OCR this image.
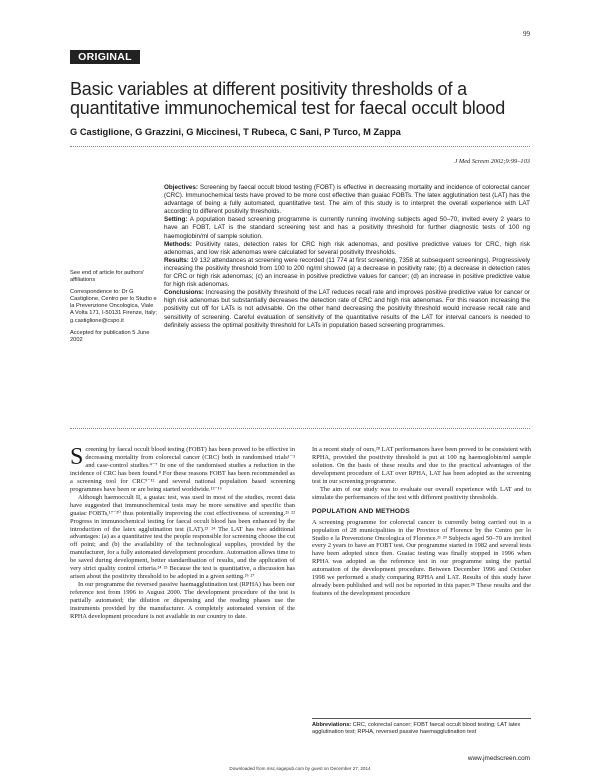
99
ORIGINAL PAPER
Basic variables at different positivity thresholds of a quantitative immunochemical test for faecal occult blood
G Castiglione, G Grazzini, G Miccinesi, T Rubeca, C Sani, P Turco, M Zappa
J Med Screen 2002;9:99–103

Objectives: Screening by faecal occult blood testing (FOBT) is effective in decreasing mortality and incidence of colorectal cancer (CRC). Immunochemical tests have proved to be more cost effective than guaiac FOBTs. The latex agglutination test (LAT) has the advantage of being a fully automated, quantitative test. The aim of this study is to interpret the overall experience with LAT according to different positivity thresholds.

Setting: A population based screening programme is currently running involving subjects aged 50–70, invited every 2 years to have an FOBT. LAT is the standard screening test and has a positivity threshold for further diagnostic tests of 100 ng haemoglobin/ml of sample solution.

Methods: Positivity rates, detection rates for CRC high risk adenomas, and positive predictive values for CRC, high risk adenomas, and low risk adenomas were calculated for several positivity thresholds.

Results: 19 132 attendances at screening were recorded (11 774 at first screening, 7358 at subsequent screenings). Progressively increasing the positivity threshold from 100 to 200 ng/ml showed (a) a decrease in positivity rate; (b) a decrease in detection rates for CRC or high risk adenomas; (c) an increase in positive predictive values for cancer; (d) an increase in positive predictive value for high risk adenomas.

Conclusions: Increasing the positivity threshold of the LAT reduces recall rate and improves positive predictive value for cancer or high risk adenomas but substantially decreases the detection rate of CRC and high risk adenomas. For this reason increasing the positivity cut off for LATs is not advisable. On the other hand decreasing the positivity threshold would increase recall rate and sensitivity of screening. Careful evaluation of sensitivity of the quantitative results of the LAT for interval cancers is needed to definitely assess the optimal positivity threshold for LATs in population based screening programmes.

See end of article for authors' affiliations

Correspondence to: Dr G Castiglione, Centro per lo Studio e la Prevenzione Oncologica, Viale A Volta 171, I-50131 Firenze, Italy; g.castiglione@cspo.it

Accepted for publication 5 June 2002

Screening by faecal occult blood testing (FOBT) has been proved to be effective in decreasing mortality from colorectal cancer (CRC) both in randomised trials¹⁻³ and case-control studies.⁴⁻⁷ In one of the randomised studies a reduction in the incidence of CRC has been found.⁸ For these reasons FOBT has been recommended as a screening tool for CRC⁹⁻¹² and several national population based screening programmes have been or are being started worldwide.¹³⁻¹⁶

Although haemoccult II, a guaiac test, was used in most of the studies, recent data have suggested that immunochemical tests may be more sensitive and specific than guaiac FOBTs,¹⁷⁻²⁰ thus potentially improving the cost effectiveness of screening.²¹ ²² Progress in immunochemical testing for faecal occult blood has been enhanced by the introduction of the latex agglutination test (LAT).²³ ²⁴ The LAT has two additional advantages: (a) as a quantitative test the people responsible for screening choose the cut off point; and (b) the availability of the technological supplies, provided by the manufacturer, for a fully automated development procedure. Automation allows time to be saved during development, better standardisation of results, and the application of very strict quality control criteria.²⁴ ²⁵ Because the test is quantitative, a discussion has arisen about the positivity threshold to be adopted in a given setting.²⁶ ²⁷

In our programme the reversed passive haemagglutination test (RPHA) has been our reference test from 1996 to August 2000. The development procedure of the test is partially automated; the dilution or dispensing and the reading phases use the instruments provided by the manufacturer. A completely automated version of the RPHA development procedure is not available in our country to date.

In a recent study of ours,²⁸ LAT performances have been proved to be consistent with RPHA, provided the positivity threshold is put at 100 ng haemoglobin/ml sample solution. On the basis of these results and due to the practical advantages of the development procedure of LAT over RPHA, LAT has been adopted as the screening test in our screening programme.

The aim of our study was to evaluate our overall experience with LAT and to simulate the performances of the test with different positivity thresholds.

POPULATION AND METHODS

A screening programme for colorectal cancer is currently being carried out in a population of 28 municipalities in the Province of Florence by the Centro per lo Studio e la Prevenzione Oncologica of Florence.²¹ ²⁹ Subjects aged 50–70 are invited every 2 years to have an FOBT test. Our programme started in 1982 and several tests have been adopted since then. Guaiac testing was finally stopped in 1996 when RPHA was adopted as the reference test in our programme using the partial automation of the development procedure. Between December 1996 and October 1998 we performed a study comparing RPHA and LAT. Results of this study have already been published and will not be reported in this paper.²⁸ These results and the features of the development procedure

Abbreviations: CRC, colorectal cancer; FOBT faecal occult blood testing; LAT latex agglutination test; RPHA, reversed passive haemagglutination test
www.jmedscreen.com
Downloaded from msc.sagepub.com by guest on December 27, 2014
